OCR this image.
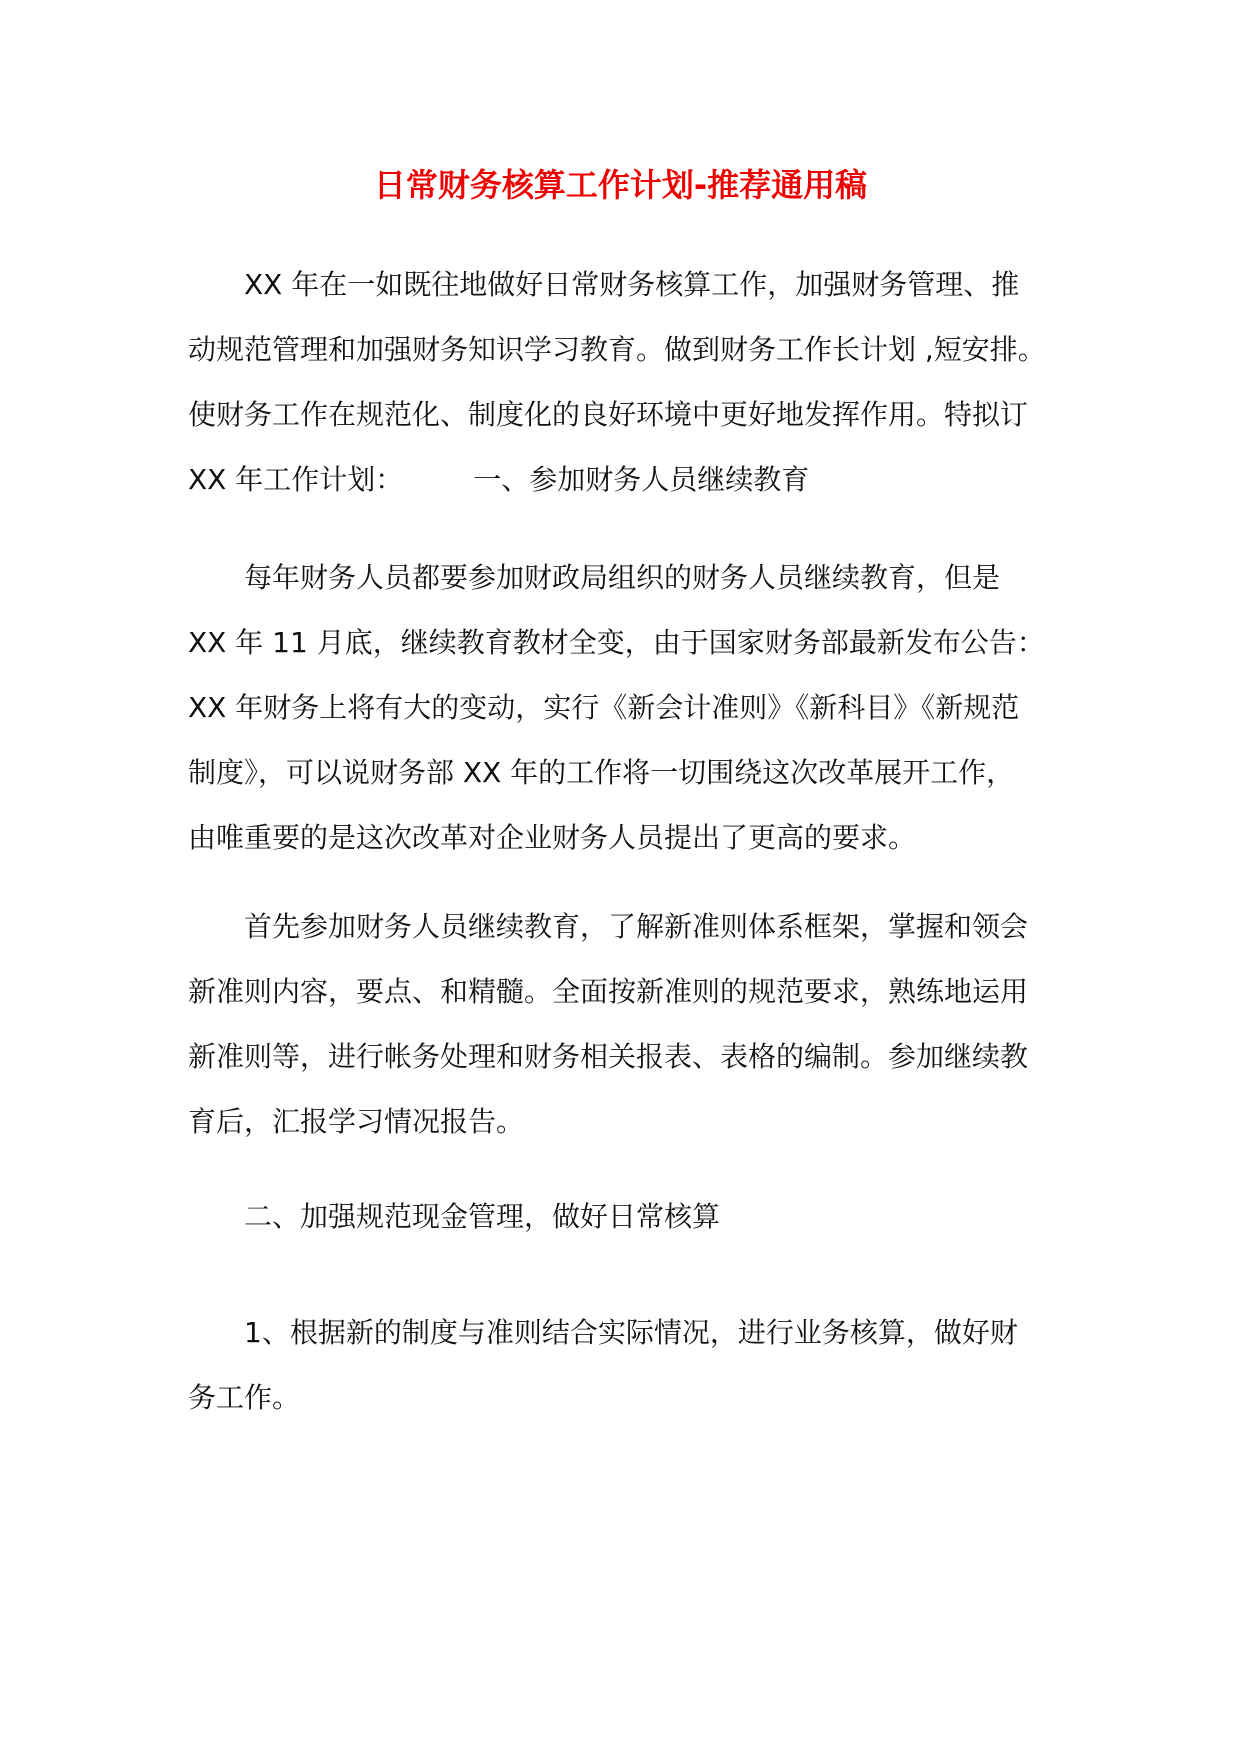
日常财务核算工作计划-推荐通用稿
XX 年在一如既往地做好日常财务核算工作，加强财务管理、推
动规范管理和加强财务知识学习教育。做到财务工作长计划 ,短安排。
使财务工作在规范化、制度化的良好环境中更好地发挥作用。特拟订
XX 年工作计划：　　　一、参加财务人员继续教育
每年财务人员都要参加财政局组织的财务人员继续教育，但是
XX 年 11 月底，继续教育教材全变，由于国家财务部最新发布公告：
XX 年财务上将有大的变动，实行《新会计准则》《新科目》《新规范
制度》，可以说财务部 XX 年的工作将一切围绕这次改革展开工作，
由唯重要的是这次改革对企业财务人员提出了更高的要求。
首先参加财务人员继续教育，了解新准则体系框架，掌握和领会
新准则内容，要点、和精髓。全面按新准则的规范要求，熟练地运用
新准则等，进行帐务处理和财务相关报表、表格的编制。参加继续教
育后，汇报学习情况报告。
二、加强规范现金管理，做好日常核算
1、根据新的制度与准则结合实际情况，进行业务核算，做好财
务工作。
